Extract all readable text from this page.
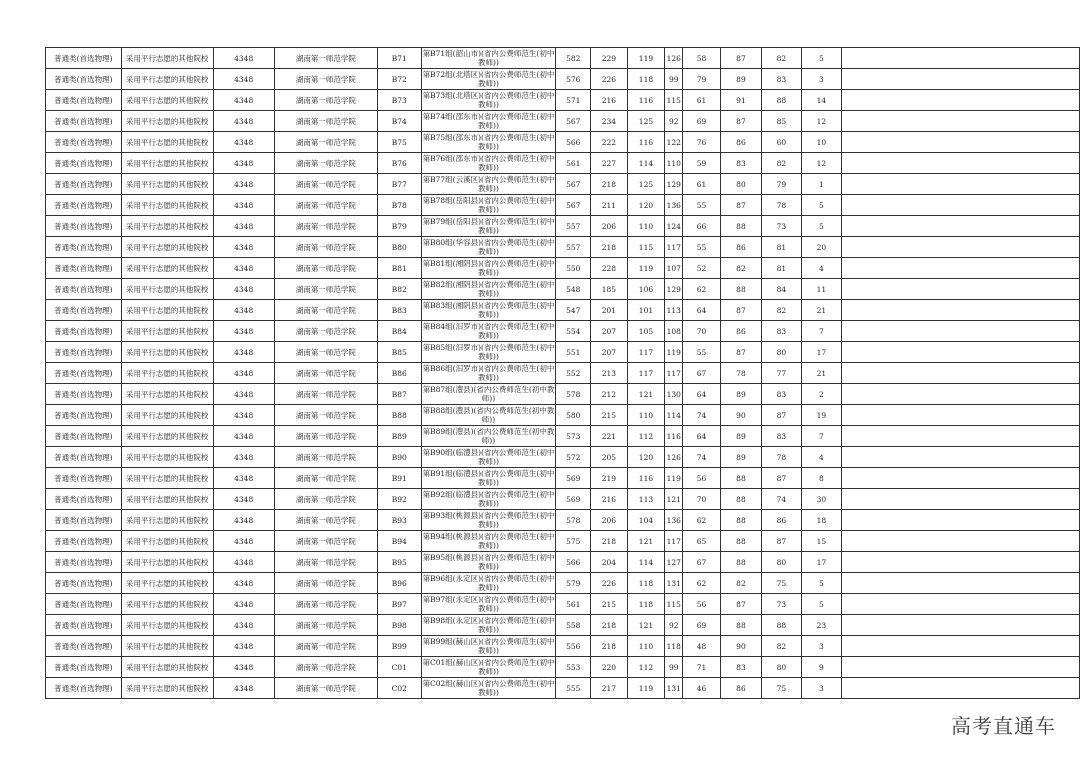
普通类(首选物理)	采用平行志愿的其他院校	4348	湖南第一师范学院	B71	第B71组(韶山市)(省内公费师范生(初中教师))	582	229	119	126	58	87	82	5	
普通类(首选物理)	采用平行志愿的其他院校	4348	湖南第一师范学院	B72	第B72组(北塔区)(省内公费师范生(初中教师))	576	226	118	99	79	89	83	3	
普通类(首选物理)	采用平行志愿的其他院校	4348	湖南第一师范学院	B73	第B73组(北塔区)(省内公费师范生(初中教师))	571	216	116	115	61	91	88	14	
普通类(首选物理)	采用平行志愿的其他院校	4348	湖南第一师范学院	B74	第B74组(邵东市)(省内公费师范生(初中教师))	567	234	125	92	69	87	85	12	
普通类(首选物理)	采用平行志愿的其他院校	4348	湖南第一师范学院	B75	第B75组(邵东市)(省内公费师范生(初中教师))	566	222	116	122	76	86	60	10	
普通类(首选物理)	采用平行志愿的其他院校	4348	湖南第一师范学院	B76	第B76组(邵东市)(省内公费师范生(初中教师))	561	227	114	110	59	83	82	12	
普通类(首选物理)	采用平行志愿的其他院校	4348	湖南第一师范学院	B77	第B77组(云溪区)(省内公费师范生(初中教师))	567	218	125	129	61	80	79	1	
普通类(首选物理)	采用平行志愿的其他院校	4348	湖南第一师范学院	B78	第B78组(岳阳县)(省内公费师范生(初中教师))	567	211	120	136	55	87	78	5	
普通类(首选物理)	采用平行志愿的其他院校	4348	湖南第一师范学院	B79	第B79组(岳阳县)(省内公费师范生(初中教师))	557	206	110	124	66	88	73	5	
普通类(首选物理)	采用平行志愿的其他院校	4348	湖南第一师范学院	B80	第B80组(华容县)(省内公费师范生(初中教师))	557	218	115	117	55	86	81	20	
普通类(首选物理)	采用平行志愿的其他院校	4348	湖南第一师范学院	B81	第B81组(湘阴县)(省内公费师范生(初中教师))	550	228	119	107	52	82	81	4	
普通类(首选物理)	采用平行志愿的其他院校	4348	湖南第一师范学院	B82	第B82组(湘阴县)(省内公费师范生(初中教师))	548	185	106	129	62	88	84	11	
普通类(首选物理)	采用平行志愿的其他院校	4348	湖南第一师范学院	B83	第B83组(湘阴县)(省内公费师范生(初中教师))	547	201	101	113	64	87	82	21	
普通类(首选物理)	采用平行志愿的其他院校	4348	湖南第一师范学院	B84	第B84组(汨罗市)(省内公费师范生(初中教师))	554	207	105	108	70	86	83	7	
普通类(首选物理)	采用平行志愿的其他院校	4348	湖南第一师范学院	B85	第B85组(汨罗市)(省内公费师范生(初中教师))	551	207	117	119	55	87	80	17	
普通类(首选物理)	采用平行志愿的其他院校	4348	湖南第一师范学院	B86	第B86组(汨罗市)(省内公费师范生(初中教师))	552	213	117	117	67	78	77	21	
普通类(首选物理)	采用平行志愿的其他院校	4348	湖南第一师范学院	B87	第B87组(澧县)(省内公费师范生(初中教师))	578	212	121	130	64	89	83	2	
普通类(首选物理)	采用平行志愿的其他院校	4348	湖南第一师范学院	B88	第B88组(澧县)(省内公费师范生(初中教师))	580	215	110	114	74	90	87	19	
普通类(首选物理)	采用平行志愿的其他院校	4348	湖南第一师范学院	B89	第B89组(澧县)(省内公费师范生(初中教师))	573	221	112	116	64	89	83	7	
普通类(首选物理)	采用平行志愿的其他院校	4348	湖南第一师范学院	B90	第B90组(临澧县)(省内公费师范生(初中教师))	572	205	120	126	74	89	78	4	
普通类(首选物理)	采用平行志愿的其他院校	4348	湖南第一师范学院	B91	第B91组(临澧县)(省内公费师范生(初中教师))	569	219	116	119	56	88	87	8	
普通类(首选物理)	采用平行志愿的其他院校	4348	湖南第一师范学院	B92	第B92组(临澧县)(省内公费师范生(初中教师))	569	216	113	121	70	88	74	30	
普通类(首选物理)	采用平行志愿的其他院校	4348	湖南第一师范学院	B93	第B93组(桃源县)(省内公费师范生(初中教师))	578	206	104	136	62	88	86	18	
普通类(首选物理)	采用平行志愿的其他院校	4348	湖南第一师范学院	B94	第B94组(桃源县)(省内公费师范生(初中教师))	575	218	121	117	65	88	87	15	
普通类(首选物理)	采用平行志愿的其他院校	4348	湖南第一师范学院	B95	第B95组(桃源县)(省内公费师范生(初中教师))	566	204	114	127	67	88	80	17	
普通类(首选物理)	采用平行志愿的其他院校	4348	湖南第一师范学院	B96	第B96组(永定区)(省内公费师范生(初中教师))	579	226	118	131	62	82	75	5	
普通类(首选物理)	采用平行志愿的其他院校	4348	湖南第一师范学院	B97	第B97组(永定区)(省内公费师范生(初中教师))	561	215	118	115	56	87	73	5	
普通类(首选物理)	采用平行志愿的其他院校	4348	湖南第一师范学院	B98	第B98组(永定区)(省内公费师范生(初中教师))	558	218	121	92	69	88	88	23	
普通类(首选物理)	采用平行志愿的其他院校	4348	湖南第一师范学院	B99	第B99组(赫山区)(省内公费师范生(初中教师))	556	218	110	118	48	90	82	3	
普通类(首选物理)	采用平行志愿的其他院校	4348	湖南第一师范学院	C01	第C01组(赫山区)(省内公费师范生(初中教师))	553	220	112	99	71	83	80	9	
普通类(首选物理)	采用平行志愿的其他院校	4348	湖南第一师范学院	C02	第C02组(赫山区)(省内公费师范生(初中教师))	555	217	119	131	46	86	75	3	
高考直通车
